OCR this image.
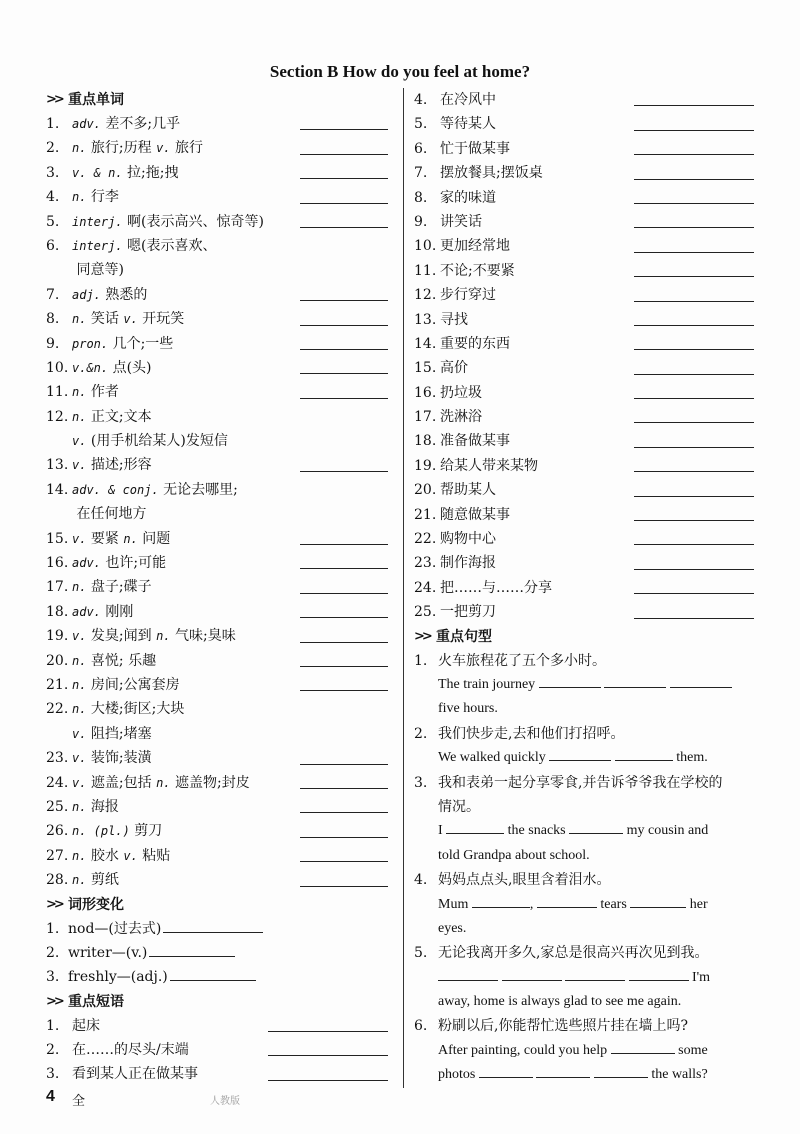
Section B How do you feel at home?
>> 重点单词
1. adv. 差不多;几乎
2. n. 旅行;历程 v. 旅行
3. v. & n. 拉;拖;拽
4. n. 行李
5. interj. 啊(表示高兴、惊奇等)
6. interj. 嗯(表示喜欢、
同意等)
7. adj. 熟悉的
8. n. 笑话 v. 开玩笑
9. pron. 几个;一些
10. v.&n. 点(头)
11. n. 作者
12. n. 正文;文本
v. (用手机给某人)发短信
13. v. 描述;形容
14. adv. & conj. 无论去哪里;
在任何地方
15. v. 要紧 n. 问题
16. adv. 也许;可能
17. n. 盘子;碟子
18. adv. 刚刚
19. v. 发臭;闻到 n. 气味;臭味
20. n. 喜悦; 乐趣
21. n. 房间;公寓套房
22. n. 大楼;街区;大块
v. 阻挡;堵塞
23. v. 装饰;装潢
24. v. 遮盖;包括 n. 遮盖物;封皮
25. n. 海报
26. n. (pl.) 剪刀
27. n. 胶水 v. 粘贴
28. n. 剪纸
>> 词形变化
1. nod—(过去式)
2. writer—(v.)
3. freshly—(adj.)
>> 重点短语
1. 起床
2. 在……的尽头/末端
3. 看到某人正在做某事
4. 在冷风中
5. 等待某人
6. 忙于做某事
7. 摆放餐具;摆饭桌
8. 家的味道
9. 讲笑话
10. 更加经常地
11. 不论;不要紧
12. 步行穿过
13. 寻找
14. 重要的东西
15. 高价
16. 扔垃圾
17. 洗淋浴
18. 准备做某事
19. 给某人带来某物
20. 帮助某人
21. 随意做某事
22. 购物中心
23. 制作海报
24. 把……与……分享
25. 一把剪刀
>> 重点句型
1. 火车旅程花了五个多小时。
The train journey
five hours.
2. 我们快步走,去和他们打招呼。
We walked quickly	them.
3. 我和表弟一起分享零食,并告诉爷爷我在学校的
情况。
I	the snacks	my cousin and
told Grandpa about school.
4. 妈妈点点头,眼里含着泪水。
Mum	,	tears	her
eyes.
5. 无论我离开多久,家总是很高兴再次见到我。
I'm
away, home is always glad to see me again.
6. 粉刷以后,你能帮忙选些照片挂在墙上吗?
After painting, could you help	some
photos	the walls?
4 全	人教版
